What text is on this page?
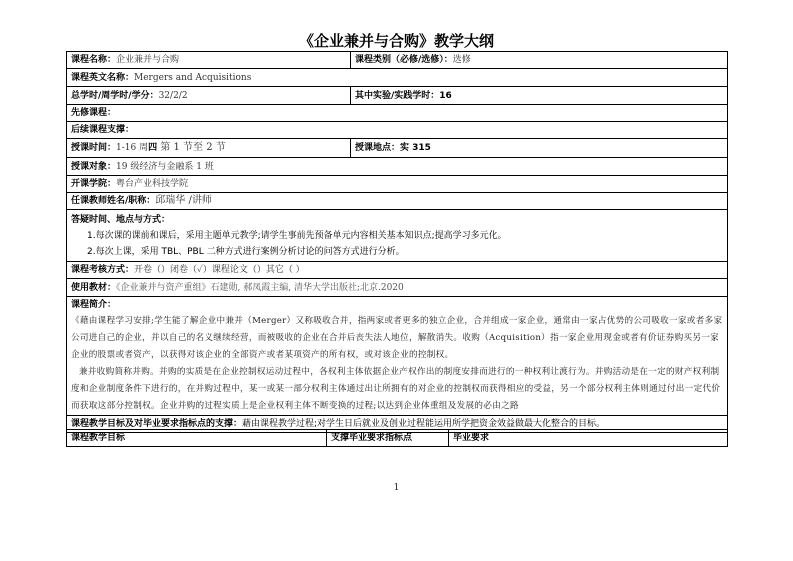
《企业兼并与合购》教学大纲
课程名称：企业兼并与合购	课程类别（必修/选修）：选修
课程英文名称：Mergers and Acquisitions	
总学时/周学时/学分：32/2/2	其中实验/实践学时：16
先修课程：	
后续课程支撑：	
授课时间：1-16 周四 第 1 节至 2 节	授课地点：实 315
授课对象：19 级经济与金融系 1 班	
开课学院：粤台产业科技学院	
任课教师姓名/职称：邱瑞华 /讲师	

答疑时间、地点与方式：
1.每次课的课前和课后，采用主题单元教学;请学生事前先预备单元内容相关基本知识点;提高学习多元化。
2.每次上课，采用 TBL、PBL 二种方式进行案例分析讨论的问答方式进行分析。	

课程考核方式：开卷（）闭卷（✓）课程论文（）其它（ ）	
使用教材：《企业兼并与资产重组》石建勋, 郝凤霞主编, 清华大学出版社;北京.2020	

课程简介：
《藉由课程学习安排;学生能了解企业中兼并（Merger）又称吸收合并，指两家或者更多的独立企业，合并组成一家企业，通常由一家占优势的公司吸收一家或者多家公司进自己的企业，并以自己的名义继续经营，而被吸收的企业在合并后丧失法人地位，解散消失。收购（Acquisition）指一家企业用现金或者有价证券购买另一家企业的股票或者资产，以获得对该企业的全部资产或者某项资产的所有权，或对该企业的控制权。
兼并收购简称并购。并购的实质是在企业控制权运动过程中，各权利主体依据企业产权作出的制度安排而进行的一种权利让渡行为。并购活动是在一定的财产权利制度和企业制度条件下进行的，在并购过程中，某一或某一部分权利主体通过出让所拥有的对企业的控制权而获得相应的受益，另一个部分权利主体则通过付出一定代价而获取这部分控制权。企业并购的过程实质上是企业权利主体不断变换的过程;以达到企业体重组及发展的必由之路	

课程教学目标及对毕业要求指标点的支撑：藉由课程教学过程;对学生日后就业及创业过程能运用所学把资金效益做最大化整合的目标。	
课程教学目标	支撑毕业要求指标点	毕业要求
1
